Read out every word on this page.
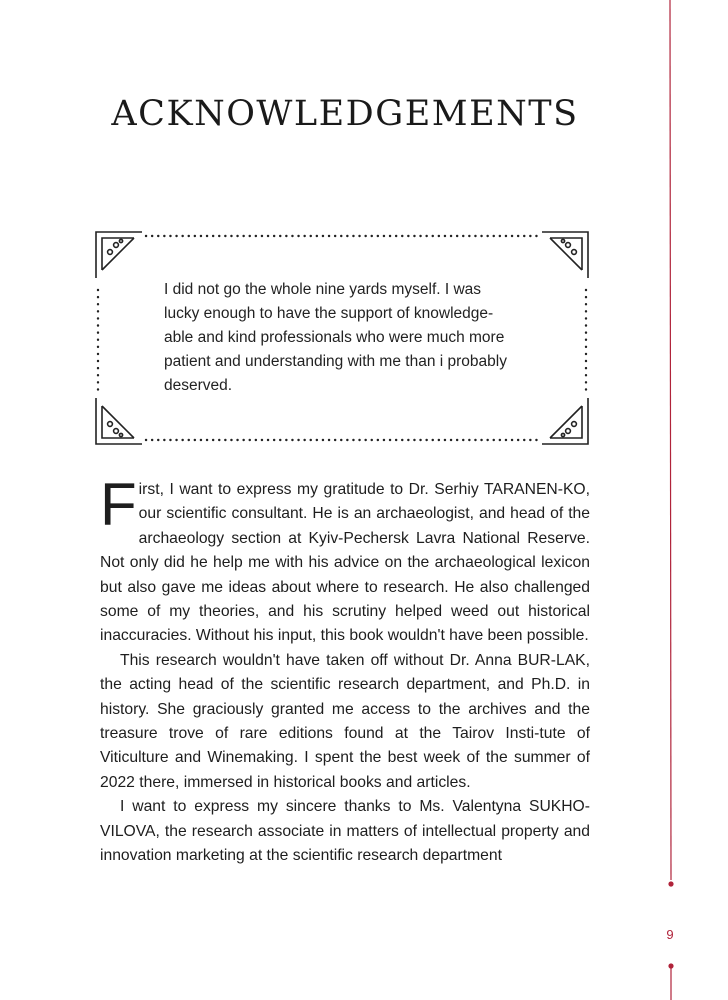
ACKNOWLEDGEMENTS

I did not go the whole nine yards myself. I was
lucky enough to have the support of knowledge-
able and kind professionals who were much more
patient and understanding with me than i probably
deserved.

First, I want to express my gratitude to Dr. Serhiy TARANEN-KO, our scientific consultant. He is an archaeologist, and head of the archaeology section at Kyiv-Pechersk Lavra National Reserve. Not only did he help me with his advice on the archaeological lexicon but also gave me ideas about where to research. He also challenged some of my theories, and his scrutiny helped weed out historical inaccuracies. Without his input, this book wouldn't have been possible.

This research wouldn't have taken off without Dr. Anna BUR-LAK, the acting head of the scientific research department, and Ph.D. in history. She graciously granted me access to the archives and the treasure trove of rare editions found at the Tairov Insti-tute of Viticulture and Winemaking. I spent the best week of the summer of 2022 there, immersed in historical books and articles.

I want to express my sincere thanks to Ms. Valentyna SUKHO-VILOVA, the research associate in matters of intellectual property and innovation marketing at the scientific research department

9
